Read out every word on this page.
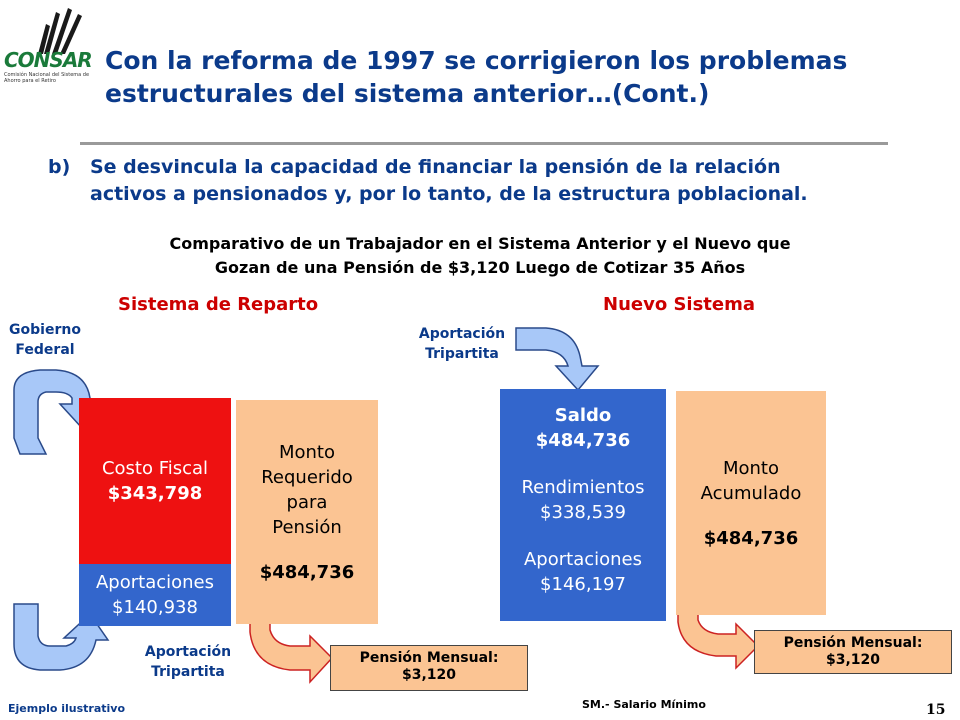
CONSAR
Comisión Nacional del Sistema de Ahorro para el Retiro
Con la reforma de 1997 se corrigieron los problemas
estructurales del sistema anterior…(Cont.)
b) Se desvincula la capacidad de financiar la pensión de la relación
activos a pensionados y, por lo tanto, de la estructura poblacional.
Comparativo de un Trabajador en el Sistema Anterior y el Nuevo que
Gozan de una Pensión de $3,120 Luego de Cotizar 35 Años
Sistema de Reparto	Nuevo Sistema
Gobierno
Federal
Costo Fiscal
$343,798
Aportaciones
$140,938
Monto
Requerido
para
Pensión
$484,736
Aportación
Tripartita
Pensión Mensual:
$3,120
Aportación
Tripartita
Saldo
$484,736
Rendimientos
$338,539
Aportaciones
$146,197
Monto
Acumulado
$484,736
Pensión Mensual:
$3,120
Ejemplo ilustrativo	SM.- Salario Mínimo	15
